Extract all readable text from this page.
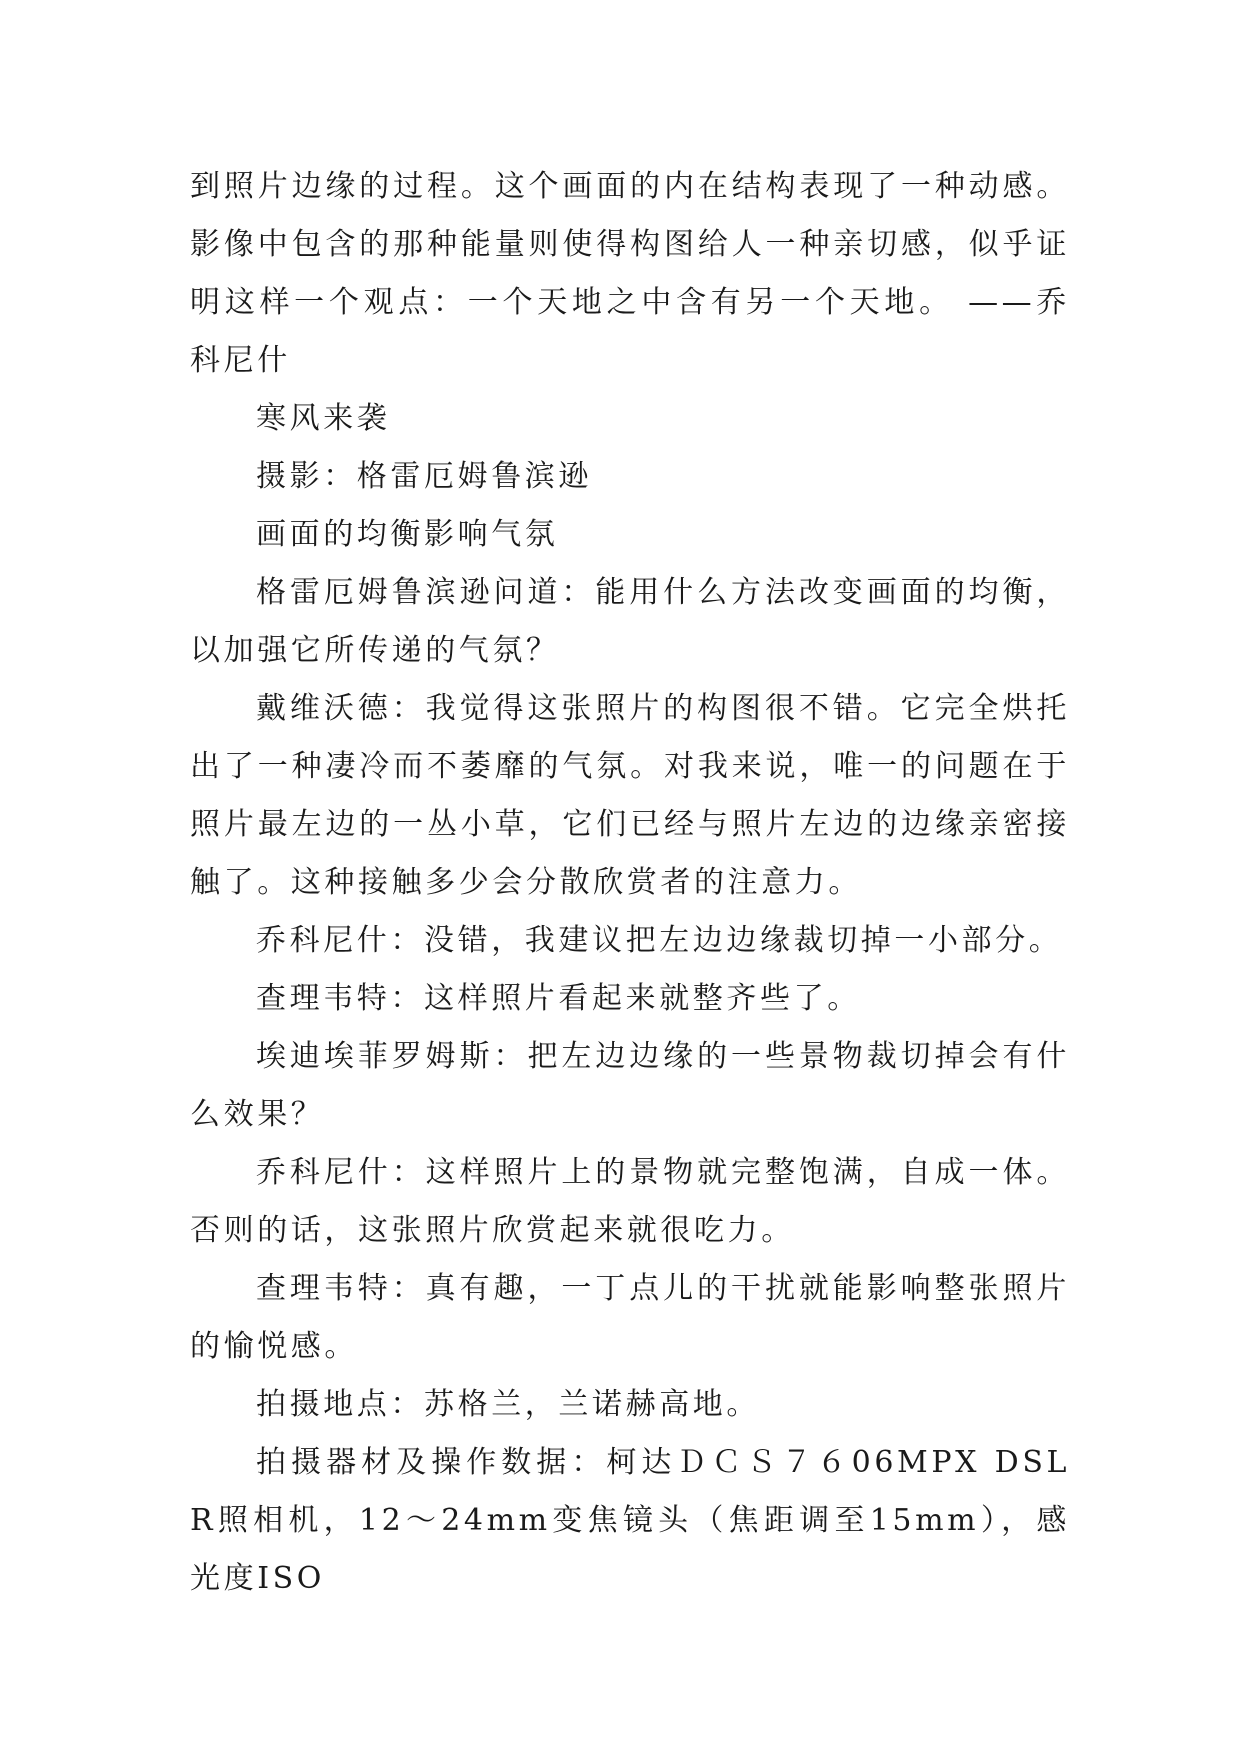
到照片边缘的过程。这个画面的内在结构表现了一种动感。影像中包含的那种能量则使得构图给人一种亲切感，似乎证明这样一个观点：一个天地之中含有另一个天地。 ——乔科尼什

寒风来袭

摄影：格雷厄姆鲁滨逊

画面的均衡影响气氛

格雷厄姆鲁滨逊问道：能用什么方法改变画面的均衡，以加强它所传递的气氛？

戴维沃德：我觉得这张照片的构图很不错。它完全烘托出了一种凄冷而不萎靡的气氛。对我来说，唯一的问题在于照片最左边的一丛小草，它们已经与照片左边的边缘亲密接触了。这种接触多少会分散欣赏者的注意力。

乔科尼什：没错，我建议把左边边缘裁切掉一小部分。

查理韦特：这样照片看起来就整齐些了。

埃迪埃菲罗姆斯：把左边边缘的一些景物裁切掉会有什么效果？

乔科尼什：这样照片上的景物就完整饱满，自成一体。否则的话，这张照片欣赏起来就很吃力。

查理韦特：真有趣，一丁点儿的干扰就能影响整张照片的愉悦感。

拍摄地点：苏格兰，兰诺赫高地。

拍摄器材及操作数据：柯达ＤＣＳ７６06MPX DSLR照相机，12～24mm变焦镜头（焦距调至15mm），感光度ISO
